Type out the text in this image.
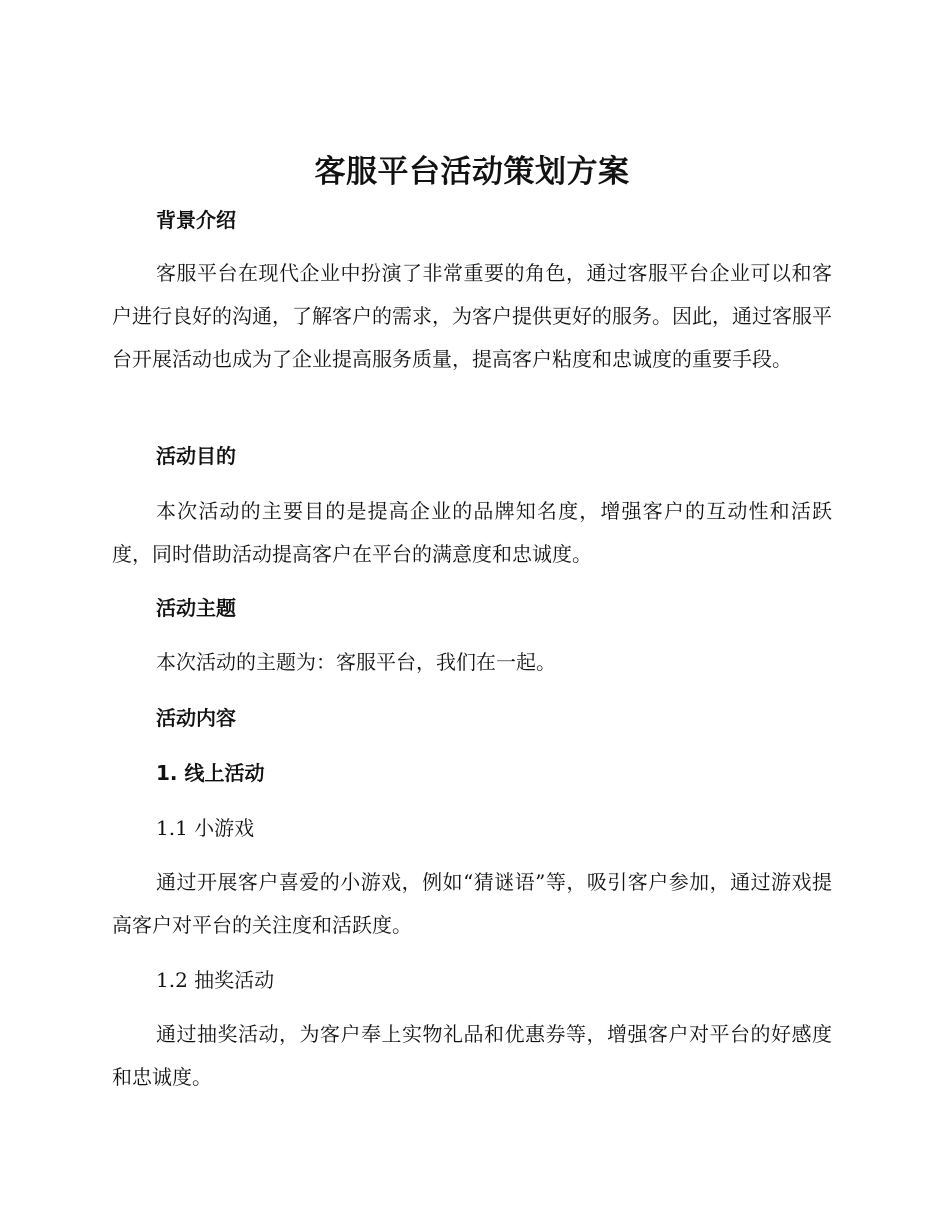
客服平台活动策划方案
背景介绍

客服平台在现代企业中扮演了非常重要的角色，通过客服平台企业可以和客户进行良好的沟通，了解客户的需求，为客户提供更好的服务。因此，通过客服平台开展活动也成为了企业提高服务质量，提高客户粘度和忠诚度的重要手段。

活动目的

本次活动的主要目的是提高企业的品牌知名度，增强客户的互动性和活跃度，同时借助活动提高客户在平台的满意度和忠诚度。

活动主题

本次活动的主题为：客服平台，我们在一起。

活动内容
1. 线上活动
1.1 小游戏

通过开展客户喜爱的小游戏，例如“猜谜语”等，吸引客户参加，通过游戏提高客户对平台的关注度和活跃度。

1.2 抽奖活动

通过抽奖活动，为客户奉上实物礼品和优惠券等，增强客户对平台的好感度和忠诚度。
